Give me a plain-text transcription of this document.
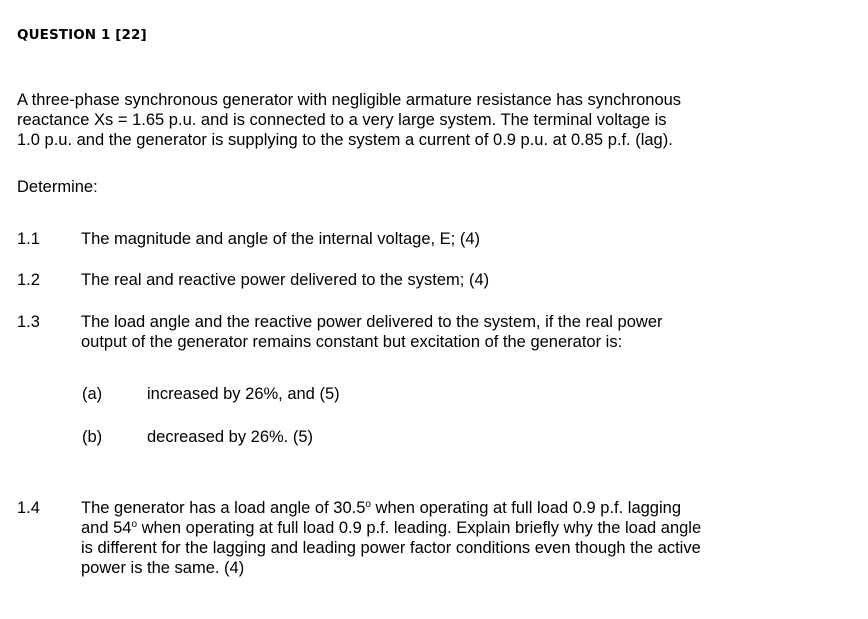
QUESTION 1 [22]
A three-phase synchronous generator with negligible armature resistance has synchronous
reactance Xs = 1.65 p.u. and is connected to a very large system. The terminal voltage is
1.0 p.u. and the generator is supplying to the system a current of 0.9 p.u. at 0.85 p.f. (lag).
Determine:
1.1 The magnitude and angle of the internal voltage, E; (4)
1.2 The real and reactive power delivered to the system; (4)
1.3 The load angle and the reactive power delivered to the system, if the real power
output of the generator remains constant but excitation of the generator is:
(a)	increased by 26%, and (5)
(b)	decreased by 26%. (5)
1.4 The generator has a load angle of 30.5$^o$ when operating at full load 0.9 p.f. lagging
and 54$^o$ when operating at full load 0.9 p.f. leading. Explain briefly why the load angle
is different for the lagging and leading power factor conditions even though the active
power is the same. (4)
